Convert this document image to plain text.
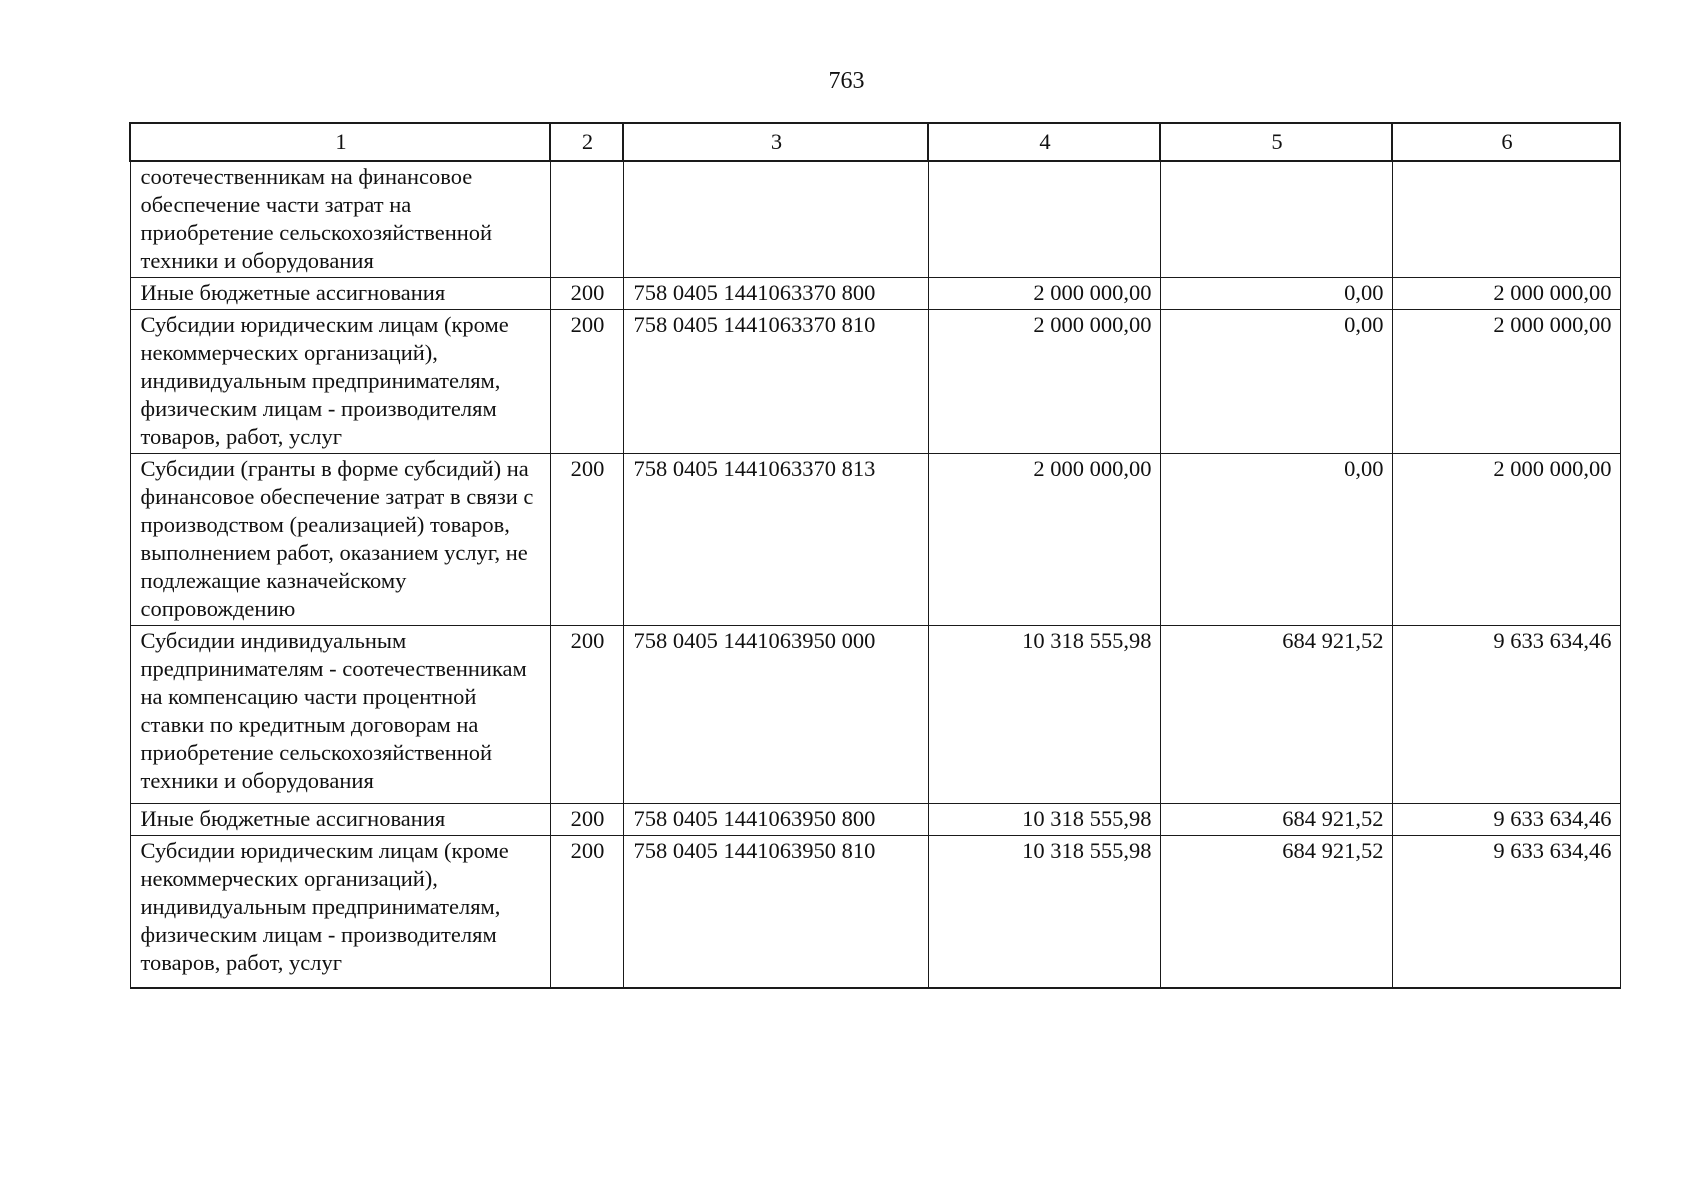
763
1	2	3	4	5	6
соотечественникам на финансовое обеспечение части затрат на приобретение сельскохозяйственной техники и оборудования					
Иные бюджетные ассигнования	200	758 0405 1441063370 800	2 000 000,00	0,00	2 000 000,00
Субсидии юридическим лицам (кроме некоммерческих организаций), индивидуальным предпринимателям, физическим лицам - производителям товаров, работ, услуг	200	758 0405 1441063370 810	2 000 000,00	0,00	2 000 000,00
Субсидии (гранты в форме субсидий) на финансовое обеспечение затрат в связи с производством (реализацией) товаров, выполнением работ, оказанием услуг, не подлежащие казначейскому сопровождению	200	758 0405 1441063370 813	2 000 000,00	0,00	2 000 000,00
Субсидии индивидуальным предпринимателям - соотечественникам на компенсацию части процентной ставки по кредитным договорам на приобретение сельскохозяйственной техники и оборудования	200	758 0405 1441063950 000	10 318 555,98	684 921,52	9 633 634,46
Иные бюджетные ассигнования	200	758 0405 1441063950 800	10 318 555,98	684 921,52	9 633 634,46
Субсидии юридическим лицам (кроме некоммерческих организаций), индивидуальным предпринимателям, физическим лицам - производителям товаров, работ, услуг	200	758 0405 1441063950 810	10 318 555,98	684 921,52	9 633 634,46
